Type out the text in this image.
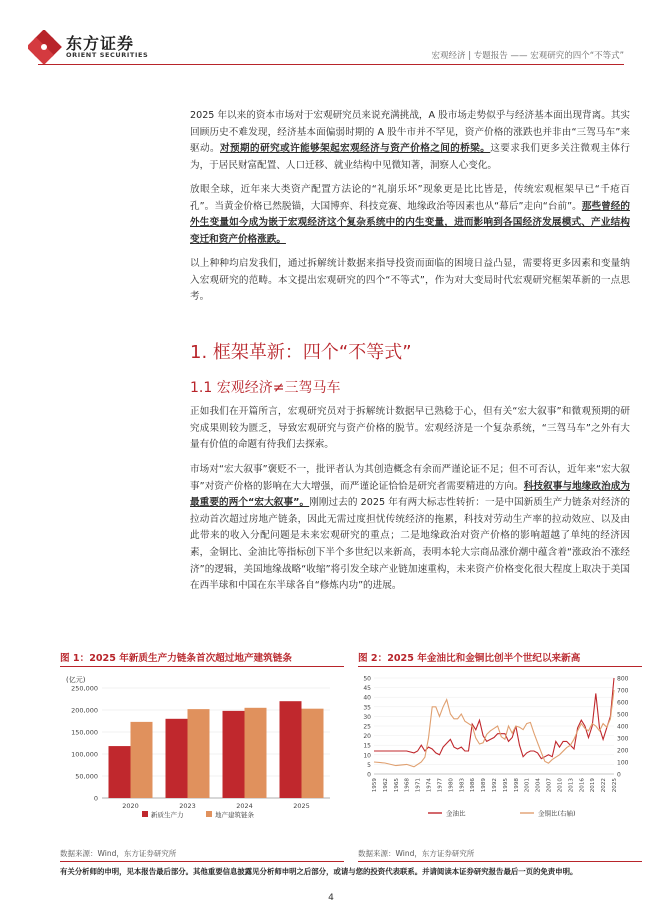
东方证券
ORIENT SECURITIES	宏观经济 | 专题报告 —— 宏观研究的四个“不等式”

2025 年以来的资本市场对于宏观研究员来说充满挑战，A 股市场走势似乎与经济基本面出现背离。其实回顾历史不难发现，经济基本面偏弱时期的 A 股牛市并不罕见，资产价格的涨跌也并非由“三驾马车”来驱动。对预期的研究或许能够架起宏观经济与资产价格之间的桥梁。这要求我们更多关注微观主体行为，于居民财富配置、人口迁移、就业结构中见微知著，洞察人心变化。

放眼全球，近年来大类资产配置方法论的“礼崩乐坏”现象更是比比皆是，传统宏观框架早已“千疮百孔”。当黄金价格已然脱锚，大国博弈、科技竞赛、地缘政治等因素也从“幕后”走向“台前”。那些曾经的外生变量如今成为嵌于宏观经济这个复杂系统中的内生变量，进而影响到各国经济发展模式、产业结构变迁和资产价格涨跌。

以上种种均启发我们，通过拆解统计数据来指导投资而面临的困境日益凸显，需要将更多因素和变量纳入宏观研究的范畴。本文提出宏观研究的四个“不等式”，作为对大变局时代宏观研究框架革新的一点思考。

1. 框架革新：四个“不等式”
1.1 宏观经济≠三驾马车

正如我们在开篇所言，宏观研究员对于拆解统计数据早已熟稔于心，但有关“宏大叙事”和微观预期的研究成果则较为匮乏，导致宏观研究与资产价格的脱节。宏观经济是一个复杂系统，“三驾马车”之外有大量有价值的命题有待我们去探索。

市场对“宏大叙事”褒贬不一，批评者认为其创造概念有余而严谨论证不足；但不可否认，近年来“宏大叙事”对资产价格的影响在大大增强，而严谨论证恰恰是研究者需要精进的方向。科技叙事与地缘政治成为最重要的两个“宏大叙事”。刚刚过去的 2025 年有两大标志性转折：一是中国新质生产力链条对经济的拉动首次超过房地产链条，因此无需过度担忧传统经济的拖累，科技对劳动生产率的拉动效应、以及由此带来的收入分配问题是未来宏观研究的重点；二是地缘政治对资产价格的影响超越了单纯的经济因素，金铜比、金油比等指标创下半个多世纪以来新高，表明本轮大宗商品涨价潮中蕴含着“涨政治不涨经济”的逻辑，美国地缘战略“收缩”将引发全球产业链加速重构，未来资产价格变化很大程度上取决于美国在西半球和中国在东半球各自“修炼内功”的进展。

图 1：2025 年新质生产力链条首次超过地产建筑链条
(亿元)
0
50,000
100,000
150,000
200,000
250,000
2020	2023	2024	2025
新质生产力	地产建筑链条
图 2：2025 年金油比和金铜比创半个世纪以来新高
0
5
10
15
20
25
30
35
40
45
50
0
100
200
300
400
500
600
700
800
1959 1962 1965 1968 1971 1974 1977 1980 1983 1986 1989 1992 1995 1998 2001 2004 2007 2010 2013 2016 2019 2022 2025
金油比	金铜比(右轴)
数据来源：Wind，东方证券研究所	数据来源：Wind，东方证券研究所
有关分析师的申明，见本报告最后部分。其他重要信息披露见分析师申明之后部分，或请与您的投资代表联系。并请阅读本证券研究报告最后一页的免责申明。
4
